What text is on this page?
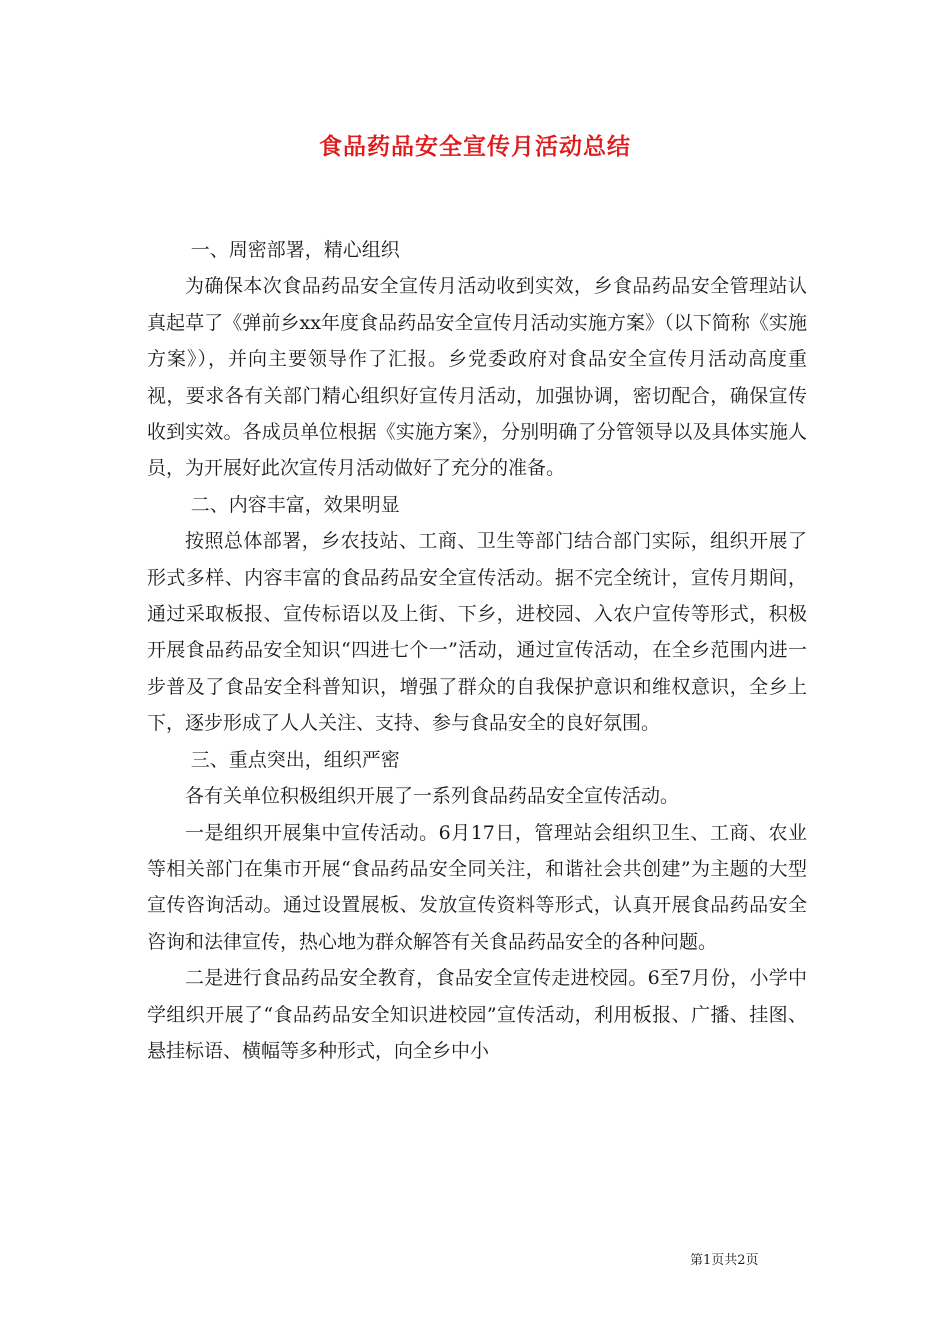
食品药品安全宣传月活动总结

一、周密部署，精心组织

为确保本次食品药品安全宣传月活动收到实效，乡食品药品安全管理站认真起草了《弹前乡xx年度食品药品安全宣传月活动实施方案》（以下简称《实施方案》），并向主要领导作了汇报。乡党委政府对食品安全宣传月活动高度重视，要求各有关部门精心组织好宣传月活动，加强协调，密切配合，确保宣传收到实效。各成员单位根据《实施方案》，分别明确了分管领导以及具体实施人员，为开展好此次宣传月活动做好了充分的准备。

二、内容丰富，效果明显

按照总体部署，乡农技站、工商、卫生等部门结合部门实际，组织开展了形式多样、内容丰富的食品药品安全宣传活动。据不完全统计，宣传月期间，通过采取板报、宣传标语以及上街、下乡，进校园、入农户宣传等形式，积极开展食品药品安全知识“四进七个一”活动，通过宣传活动，在全乡范围内进一步普及了食品安全科普知识，增强了群众的自我保护意识和维权意识，全乡上下，逐步形成了人人关注、支持、参与食品安全的良好氛围。

三、重点突出，组织严密

各有关单位积极组织开展了一系列食品药品安全宣传活动。

一是组织开展集中宣传活动。6月17日，管理站会组织卫生、工商、农业等相关部门在集市开展“食品药品安全同关注，和谐社会共创建”为主题的大型宣传咨询活动。通过设置展板、发放宣传资料等形式，认真开展食品药品安全咨询和法律宣传，热心地为群众解答有关食品药品安全的各种问题。

二是进行食品药品安全教育，食品安全宣传走进校园。6至7月份，小学中学组织开展了“食品药品安全知识进校园”宣传活动，利用板报、广播、挂图、悬挂标语、横幅等多种形式，向全乡中小

第1页共2页
